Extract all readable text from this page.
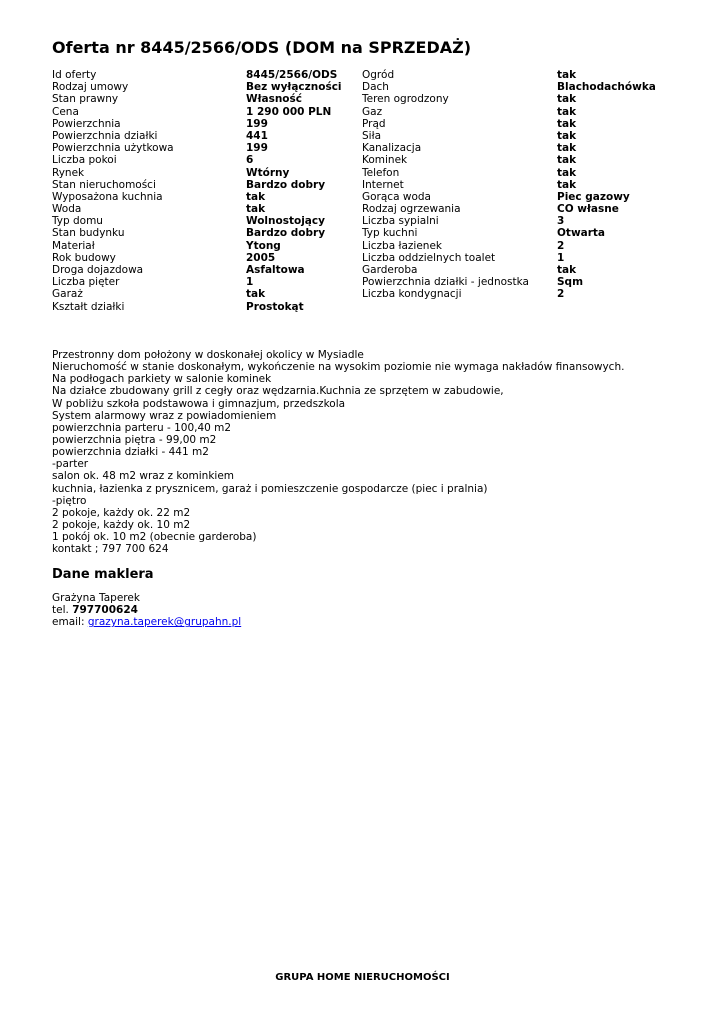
Oferta nr 8445/2566/ODS (DOM na SPRZEDAŻ)
Id oferty	8445/2566/ODS
Rodzaj umowy	Bez wyłączności
Stan prawny	Własność
Cena	1 290 000 PLN
Powierzchnia	199
Powierzchnia działki	441
Powierzchnia użytkowa	199
Liczba pokoi	6
Rynek	Wtórny
Stan nieruchomości	Bardzo dobry
Wyposażona kuchnia	tak
Woda	tak
Typ domu	Wolnostojący
Stan budynku	Bardzo dobry
Materiał	Ytong
Rok budowy	2005
Droga dojazdowa	Asfaltowa
Liczba pięter	1
Garaż	tak
Kształt działki	Prostokąt
Ogród	tak
Dach	Blachodachówka
Teren ogrodzony	tak
Gaz	tak
Prąd	tak
Siła	tak
Kanalizacja	tak
Kominek	tak
Telefon	tak
Internet	tak
Gorąca woda	Piec gazowy
Rodzaj ogrzewania	CO własne
Liczba sypialni	3
Typ kuchni	Otwarta
Liczba łazienek	2
Liczba oddzielnych toalet	1
Garderoba	tak
Powierzchnia działki - jednostka	Sqm
Liczba kondygnacji	2
Przestronny dom położony w doskonałej okolicy w Mysiadle
Nieruchomość w stanie doskonałym, wykończenie na wysokim poziomie nie wymaga nakładów finansowych.
Na podłogach parkiety w salonie kominek
Na działce zbudowany grill z cegły oraz wędzarnia.Kuchnia ze sprzętem w zabudowie,
W pobliżu szkoła podstawowa i gimnazjum, przedszkola
System alarmowy wraz z powiadomieniem
powierzchnia parteru - 100,40 m2
powierzchnia piętra - 99,00 m2
powierzchnia działki - 441 m2
-parter
salon ok. 48 m2 wraz z kominkiem
kuchnia, łazienka z prysznicem, garaż i pomieszczenie gospodarcze (piec i pralnia)
-piętro
2 pokoje, każdy ok. 22 m2
2 pokoje, każdy ok. 10 m2
1 pokój ok. 10 m2 (obecnie garderoba)
kontakt ; 797 700 624
Dane maklera
Grażyna Taperek
tel. 797700624
email: grazyna.taperek@grupahn.pl
GRUPA HOME NIERUCHOMOŚCI
